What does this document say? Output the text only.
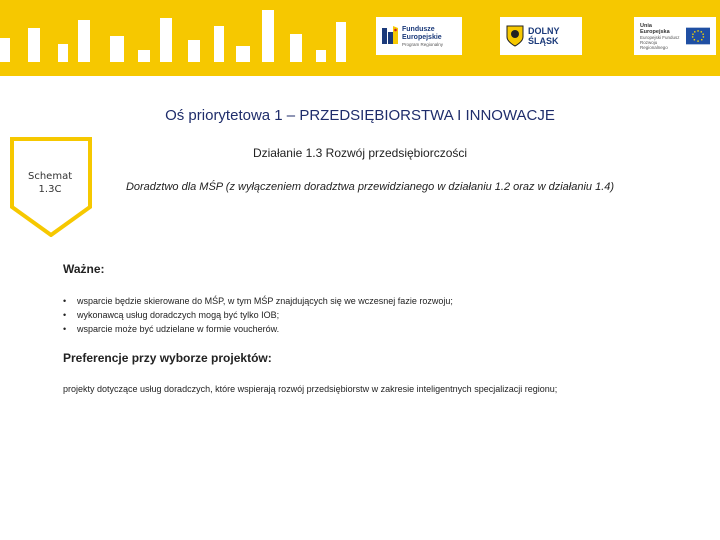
Fundusze
Europejskie
Program Regionalny
DOLNY
ŚLĄSK
Unia Europejska
Europejski Fundusz
Rozwoju Regionalnego
Oś priorytetowa 1 – PRZEDSIĘBIORSTWA I INNOWACJE
Działanie 1.3 Rozwój przedsiębiorczości
Schemat
1.3C	Doradztwo dla MŚP (z wyłączeniem doradztwa przewidzianego w działaniu 1.2 oraz w działaniu 1.4)
Ważne:
• wsparcie będzie skierowane do MŚP, w tym MŚP znajdujących się we wczesnej fazie rozwoju;
• wykonawcą usług doradczych mogą być tylko IOB;
• wsparcie może być udzielane w formie voucherów.
Preferencje przy wyborze projektów:
projekty dotyczące usług doradczych, które wspierają rozwój przedsiębiorstw w zakresie inteligentnych specjalizacji regionu;
